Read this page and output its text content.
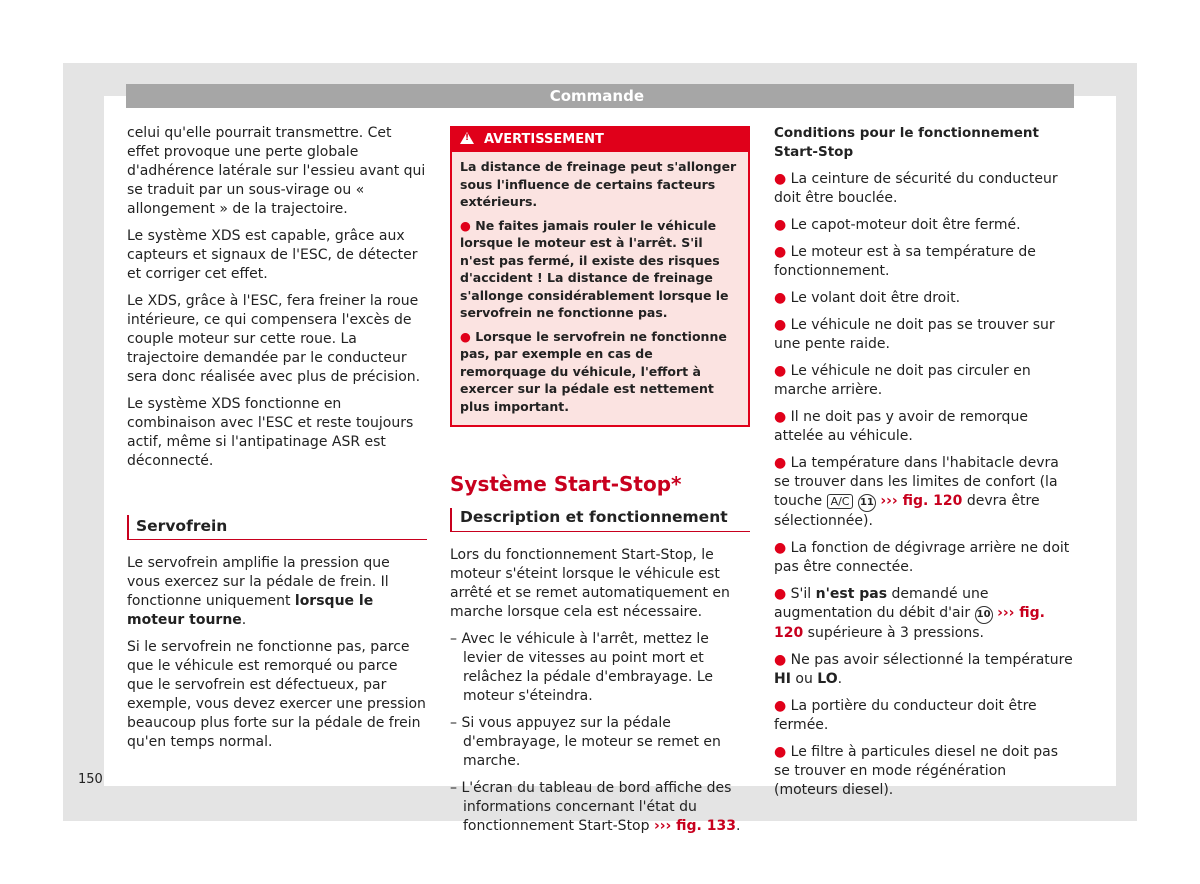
Commande

celui qu'elle pourrait transmettre. Cet effet provoque une perte globale d'adhérence latérale sur l'essieu avant qui se traduit par un sous-virage ou « allongement » de la trajectoire.

Le système XDS est capable, grâce aux capteurs et signaux de l'ESC, de détecter et corriger cet effet.

Le XDS, grâce à l'ESC, fera freiner la roue intérieure, ce qui compensera l'excès de couple moteur sur cette roue. La trajectoire demandée par le conducteur sera donc réalisée avec plus de précision.

Le système XDS fonctionne en combinaison avec l'ESC et reste toujours actif, même si l'antipatinage ASR est déconnecté.

Servofrein

Le servofrein amplifie la pression que vous exercez sur la pédale de frein. Il fonctionne uniquement lorsque le moteur tourne.

Si le servofrein ne fonctionne pas, parce que le véhicule est remorqué ou parce que le servofrein est défectueux, par exemple, vous devez exercer une pression beaucoup plus forte sur la pédale de frein qu'en temps normal.

!AVERTISSEMENT

La distance de freinage peut s'allonger sous l'influence de certains facteurs extérieurs.

● Ne faites jamais rouler le véhicule lorsque le moteur est à l'arrêt. S'il n'est pas fermé, il existe des risques d'accident ! La distance de freinage s'allonge considérablement lorsque le servofrein ne fonctionne pas.

● Lorsque le servofrein ne fonctionne pas, par exemple en cas de remorquage du véhicule, l'effort à exercer sur la pédale est nettement plus important.

Système Start-Stop*
Description et fonctionnement

Lors du fonctionnement Start-Stop, le moteur s'éteint lorsque le véhicule est arrêté et se remet automatiquement en marche lorsque cela est nécessaire.

– Avec le véhicule à l'arrêt, mettez le levier de vitesses au point mort et relâchez la pédale d'embrayage. Le moteur s'éteindra.

– Si vous appuyez sur la pédale d'embrayage, le moteur se remet en marche.

– L'écran du tableau de bord affiche des informations concernant l'état du fonctionnement Start-Stop ››› fig. 133.

Conditions pour le fonctionnement Start-Stop

● La ceinture de sécurité du conducteur doit être bouclée.

● Le capot-moteur doit être fermé.

● Le moteur est à sa température de fonctionnement.

● Le volant doit être droit.

● Le véhicule ne doit pas se trouver sur une pente raide.

● Le véhicule ne doit pas circuler en marche arrière.

● Il ne doit pas y avoir de remorque attelée au véhicule.

● La température dans l'habitacle devra se trouver dans les limites de confort (la touche A/C 11 ››› fig. 120 devra être sélectionnée).

● La fonction de dégivrage arrière ne doit pas être connectée.

● S'il n'est pas demandé une augmentation du débit d'air 10 ››› fig. 120 supérieure à 3 pressions.

● Ne pas avoir sélectionné la température HI ou LO.

● La portière du conducteur doit être fermée.

● Le filtre à particules diesel ne doit pas se trouver en mode régénération (moteurs diesel).

150
